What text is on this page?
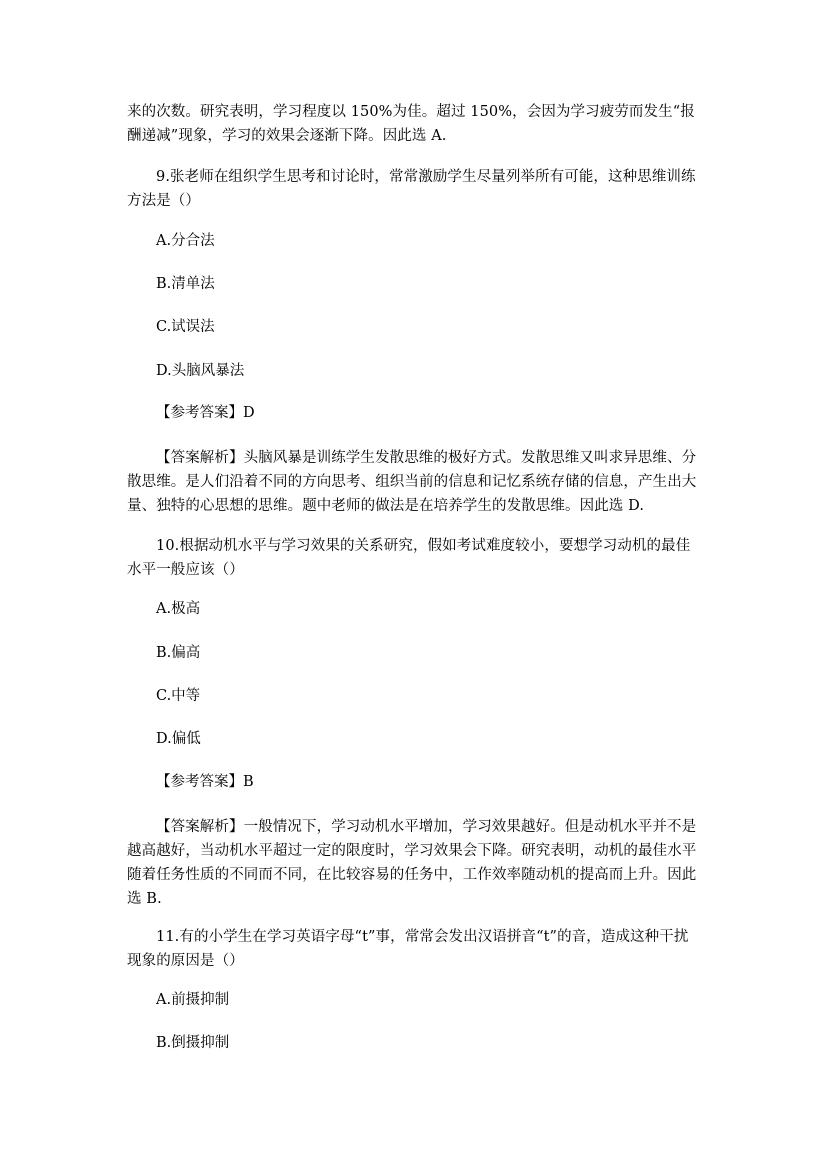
来的次数。研究表明，学习程度以 150%为佳。超过 150%，会因为学习疲劳而发生“报酬递减”现象，学习的效果会逐渐下降。因此选 A.

9.张老师在组织学生思考和讨论时，常常激励学生尽量列举所有可能，这种思维训练方法是（）

A.分合法

B.清单法

C.试误法

D.头脑风暴法

【参考答案】D

【答案解析】头脑风暴是训练学生发散思维的极好方式。发散思维又叫求异思维、分散思维。是人们沿着不同的方向思考、组织当前的信息和记忆系统存储的信息，产生出大量、独特的心思想的思维。题中老师的做法是在培养学生的发散思维。因此选 D.

10.根据动机水平与学习效果的关系研究，假如考试难度较小，要想学习动机的最佳水平一般应该（）

A.极高

B.偏高

C.中等

D.偏低

【参考答案】B

【答案解析】一般情况下，学习动机水平增加，学习效果越好。但是动机水平并不是越高越好，当动机水平超过一定的限度时，学习效果会下降。研究表明，动机的最佳水平随着任务性质的不同而不同，在比较容易的任务中，工作效率随动机的提高而上升。因此选 B.

11.有的小学生在学习英语字母“t”事，常常会发出汉语拼音“t”的音，造成这种干扰现象的原因是（）

A.前摄抑制

B.倒摄抑制
